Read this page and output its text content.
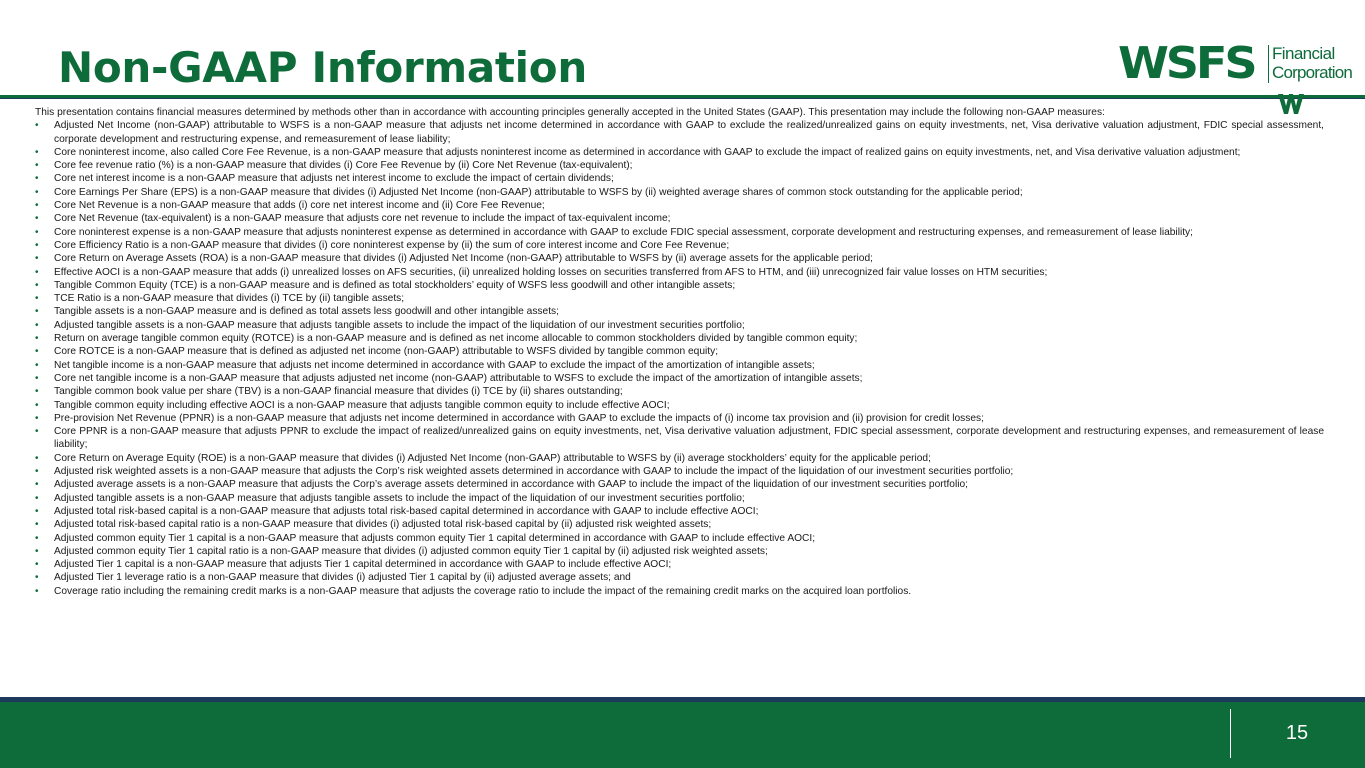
Non-GAAP Information	WSFS Financial
Corporation

This presentation contains financial measures determined by methods other than in accordance with accounting principles generally accepted in the United States (GAAP). This presentation may include the following non-GAAP measures:

• Adjusted Net Income (non-GAAP) attributable to WSFS is a non-GAAP measure that adjusts net income determined in accordance with GAAP to exclude the realized/unrealized gains on equity investments, net, Visa derivative valuation adjustment, FDIC special assessment, corporate development and restructuring expense, and remeasurement of lease liability;
• Core noninterest income, also called Core Fee Revenue, is a non-GAAP measure that adjusts noninterest income as determined in accordance with GAAP to exclude the impact of realized gains on equity investments, net, and Visa derivative valuation adjustment;
• Core fee revenue ratio (%) is a non-GAAP measure that divides (i) Core Fee Revenue by (ii) Core Net Revenue (tax-equivalent);
• Core net interest income is a non-GAAP measure that adjusts net interest income to exclude the impact of certain dividends;
• Core Earnings Per Share (EPS) is a non-GAAP measure that divides (i) Adjusted Net Income (non-GAAP) attributable to WSFS by (ii) weighted average shares of common stock outstanding for the applicable period;
• Core Net Revenue is a non-GAAP measure that adds (i) core net interest income and (ii) Core Fee Revenue;
• Core Net Revenue (tax-equivalent) is a non-GAAP measure that adjusts core net revenue to include the impact of tax-equivalent income;
• Core noninterest expense is a non-GAAP measure that adjusts noninterest expense as determined in accordance with GAAP to exclude FDIC special assessment, corporate development and restructuring expenses, and remeasurement of lease liability;
• Core Efficiency Ratio is a non-GAAP measure that divides (i) core noninterest expense by (ii) the sum of core interest income and Core Fee Revenue;
• Core Return on Average Assets (ROA) is a non-GAAP measure that divides (i) Adjusted Net Income (non-GAAP) attributable to WSFS by (ii) average assets for the applicable period;
• Effective AOCI is a non-GAAP measure that adds (i) unrealized losses on AFS securities, (ii) unrealized holding losses on securities transferred from AFS to HTM, and (iii) unrecognized fair value losses on HTM securities;
• Tangible Common Equity (TCE) is a non-GAAP measure and is defined as total stockholders’ equity of WSFS less goodwill and other intangible assets;
• TCE Ratio is a non-GAAP measure that divides (i) TCE by (ii) tangible assets;
• Tangible assets is a non-GAAP measure and is defined as total assets less goodwill and other intangible assets;
• Adjusted tangible assets is a non-GAAP measure that adjusts tangible assets to include the impact of the liquidation of our investment securities portfolio;
• Return on average tangible common equity (ROTCE) is a non-GAAP measure and is defined as net income allocable to common stockholders divided by tangible common equity;
• Core ROTCE is a non-GAAP measure that is defined as adjusted net income (non-GAAP) attributable to WSFS divided by tangible common equity;
• Net tangible income is a non-GAAP measure that adjusts net income determined in accordance with GAAP to exclude the impact of the amortization of intangible assets;
• Core net tangible income is a non-GAAP measure that adjusts adjusted net income (non-GAAP) attributable to WSFS to exclude the impact of the amortization of intangible assets;
• Tangible common book value per share (TBV) is a non-GAAP financial measure that divides (i) TCE by (ii) shares outstanding;
• Tangible common equity including effective AOCI is a non-GAAP measure that adjusts tangible common equity to include effective AOCI;
• Pre-provision Net Revenue (PPNR) is a non-GAAP measure that adjusts net income determined in accordance with GAAP to exclude the impacts of (i) income tax provision and (ii) provision for credit losses;
• Core PPNR is a non-GAAP measure that adjusts PPNR to exclude the impact of realized/unrealized gains on equity investments, net, Visa derivative valuation adjustment, FDIC special assessment, corporate development and restructuring expenses, and remeasurement of lease liability;
• Core Return on Average Equity (ROE) is a non-GAAP measure that divides (i) Adjusted Net Income (non-GAAP) attributable to WSFS by (ii) average stockholders’ equity for the applicable period;
• Adjusted risk weighted assets is a non-GAAP measure that adjusts the Corp’s risk weighted assets determined in accordance with GAAP to include the impact of the liquidation of our investment securities portfolio;
• Adjusted average assets is a non-GAAP measure that adjusts the Corp’s average assets determined in accordance with GAAP to include the impact of the liquidation of our investment securities portfolio;
• Adjusted tangible assets is a non-GAAP measure that adjusts tangible assets to include the impact of the liquidation of our investment securities portfolio;
• Adjusted total risk-based capital is a non-GAAP measure that adjusts total risk-based capital determined in accordance with GAAP to include effective AOCI;
• Adjusted total risk-based capital ratio is a non-GAAP measure that divides (i) adjusted total risk-based capital by (ii) adjusted risk weighted assets;
• Adjusted common equity Tier 1 capital is a non-GAAP measure that adjusts common equity Tier 1 capital determined in accordance with GAAP to include effective AOCI;
• Adjusted common equity Tier 1 capital ratio is a non-GAAP measure that divides (i) adjusted common equity Tier 1 capital by (ii) adjusted risk weighted assets;
• Adjusted Tier 1 capital is a non-GAAP measure that adjusts Tier 1 capital determined in accordance with GAAP to include effective AOCI;
• Adjusted Tier 1 leverage ratio is a non-GAAP measure that divides (i) adjusted Tier 1 capital by (ii) adjusted average assets; and
• Coverage ratio including the remaining credit marks is a non-GAAP measure that adjusts the coverage ratio to include the impact of the remaining credit marks on the acquired loan portfolios.
15
